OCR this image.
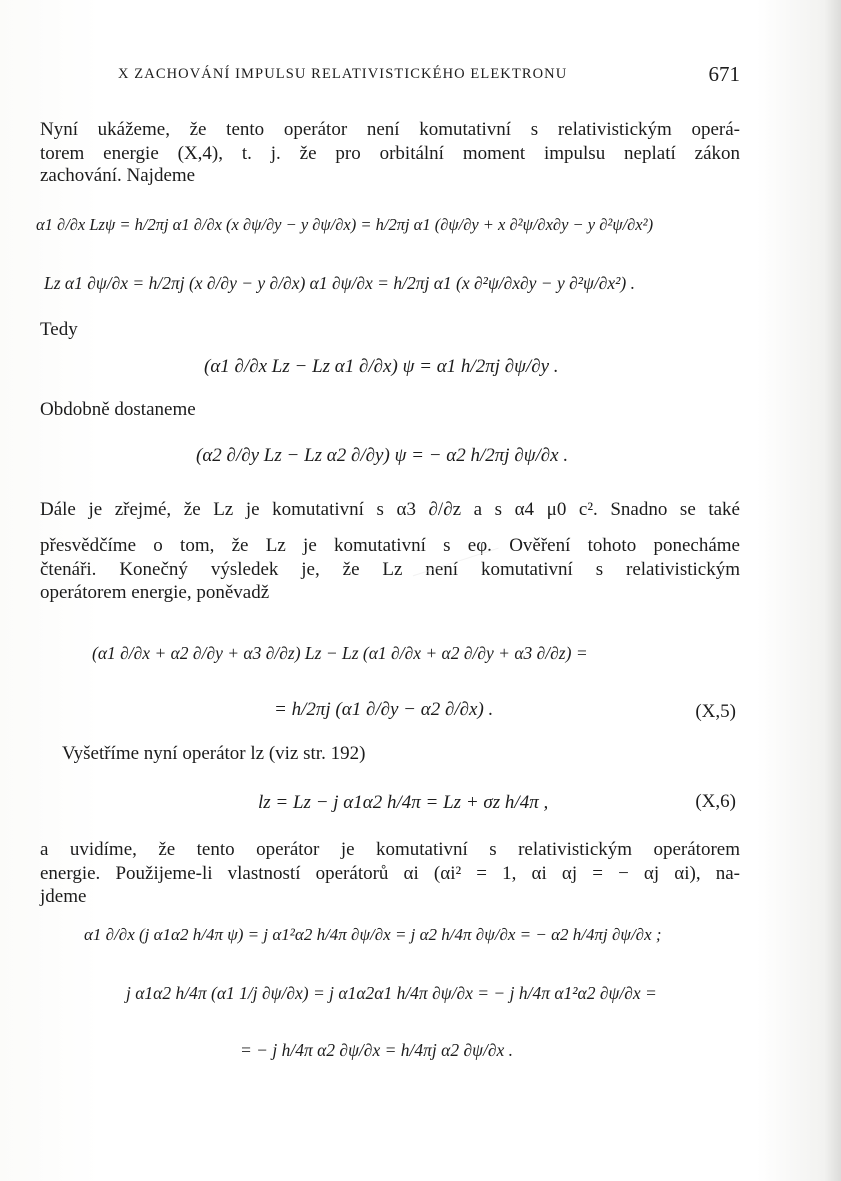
X ZACHOVÁNÍ IMPULSU RELATIVISTICKÉHO ELEKTRONU	671
Nyní ukážeme, že tento operátor není komutativní s relativistickým operá-
torem energie (X,4), t. j. že pro orbitální moment impulsu neplatí zákon
zachování. Najdeme
α1 ∂/∂x Lzψ = h/2πj α1 ∂/∂x (x ∂ψ/∂y − y ∂ψ/∂x) = h/2πj α1 (∂ψ/∂y + x ∂²ψ/∂x∂y − y ∂²ψ/∂x²)
Lz α1 ∂ψ/∂x = h/2πj (x ∂/∂y − y ∂/∂x) α1 ∂ψ/∂x = h/2πj α1 (x ∂²ψ/∂x∂y − y ∂²ψ/∂x²) .
Tedy
(α1 ∂/∂x Lz − Lz α1 ∂/∂x) ψ = α1 h/2πj ∂ψ/∂y .
Obdobně dostaneme
(α2 ∂/∂y Lz − Lz α2 ∂/∂y) ψ = − α2 h/2πj ∂ψ/∂x .
Dále je zřejmé, že Lz je komutativní s α3 ∂/∂z a s α4 μ0 c². Snadno se také
přesvědčíme o tom, že Lz je komutativní s eφ. Ověření tohoto ponecháme
čtenáři. Konečný výsledek je, že Lz není komutativní s relativistickým
operátorem energie, poněvadž
(α1 ∂/∂x + α2 ∂/∂y + α3 ∂/∂z) Lz − Lz (α1 ∂/∂x + α2 ∂/∂y + α3 ∂/∂z) =
= h/2πj (α1 ∂/∂y − α2 ∂/∂x) .	(X,5)
Vyšetříme nyní operátor lz (viz str. 192)
lz = Lz − j α1α2 h/4π = Lz + σz h/4π ,	(X,6)
a uvidíme, že tento operátor je komutativní s relativistickým operátorem
energie. Použijeme-li vlastností operátorů αi (αi² = 1, αi αj = − αj αi), na-
jdeme
α1 ∂/∂x (j α1α2 h/4π ψ) = j α1²α2 h/4π ∂ψ/∂x = j α2 h/4π ∂ψ/∂x = − α2 h/4πj ∂ψ/∂x ;
j α1α2 h/4π (α1 1/j ∂ψ/∂x) = j α1α2α1 h/4π ∂ψ/∂x = − j h/4π α1²α2 ∂ψ/∂x =
= − j h/4π α2 ∂ψ/∂x = h/4πj α2 ∂ψ/∂x .
